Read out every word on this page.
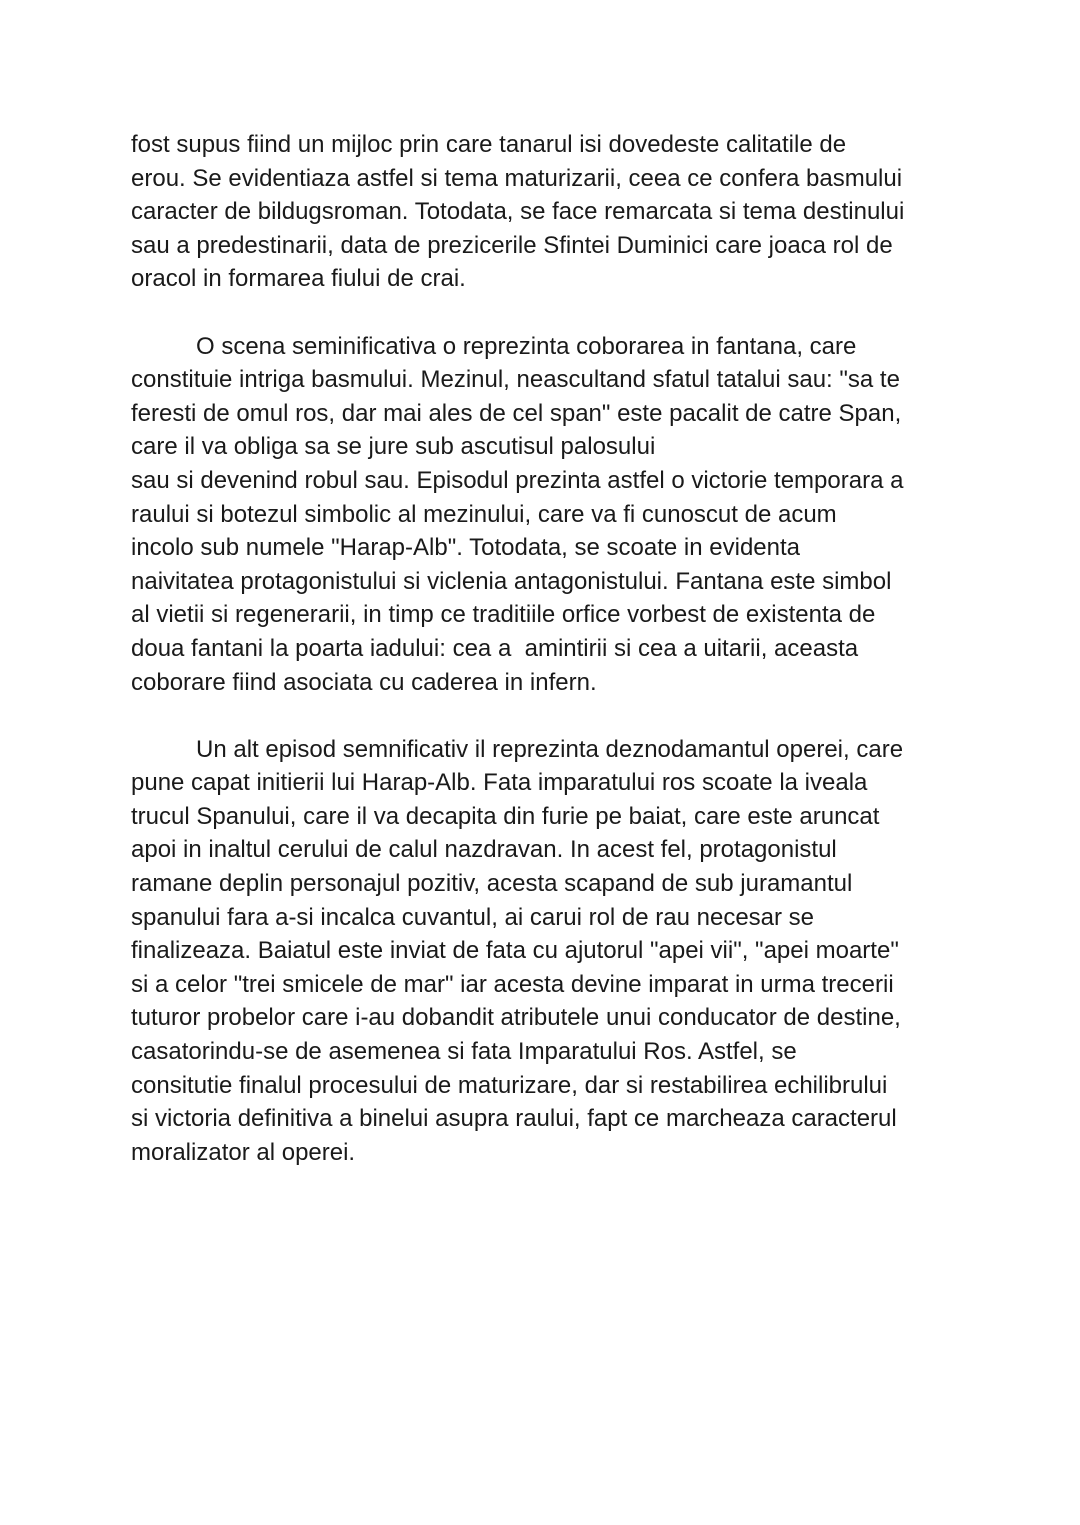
fost supus fiind un mijloc prin care tanarul isi dovedeste calitatile de
erou. Se evidentiaza astfel si tema maturizarii, ceea ce confera basmului
caracter de bildugsroman. Totodata, se face remarcata si tema destinului
sau a predestinarii, data de prezicerile Sfintei Duminici care joaca rol de
oracol in formarea fiului de crai.

O scena seminificativa o reprezinta coborarea in fantana, care
constituie intriga basmului. Mezinul, neascultand sfatul tatalui sau: "sa te
feresti de omul ros, dar mai ales de cel span" este pacalit de catre Span,
care il va obliga sa se jure sub ascutisul palosului
sau si devenind robul sau. Episodul prezinta astfel o victorie temporara a
raului si botezul simbolic al mezinului, care va fi cunoscut de acum
incolo sub numele "Harap-Alb". Totodata, se scoate in evidenta
naivitatea protagonistului si viclenia antagonistului. Fantana este simbol
al vietii si regenerarii, in timp ce traditiile orfice vorbest de existenta de
doua fantani la poarta iadului: cea a  amintirii si cea a uitarii, aceasta
coborare fiind asociata cu caderea in infern.

Un alt episod semnificativ il reprezinta deznodamantul operei, care
pune capat initierii lui Harap-Alb. Fata imparatului ros scoate la iveala
trucul Spanului, care il va decapita din furie pe baiat, care este aruncat
apoi in inaltul cerului de calul nazdravan. In acest fel, protagonistul
ramane deplin personajul pozitiv, acesta scapand de sub juramantul
spanului fara a-si incalca cuvantul, ai carui rol de rau necesar se
finalizeaza. Baiatul este inviat de fata cu ajutorul "apei vii", "apei moarte"
si a celor "trei smicele de mar" iar acesta devine imparat in urma trecerii
tuturor probelor care i-au dobandit atributele unui conducator de destine,
casatorindu-se de asemenea si fata Imparatului Ros. Astfel, se
consitutie finalul procesului de maturizare, dar si restabilirea echilibrului
si victoria definitiva a binelui asupra raului, fapt ce marcheaza caracterul
moralizator al operei.
